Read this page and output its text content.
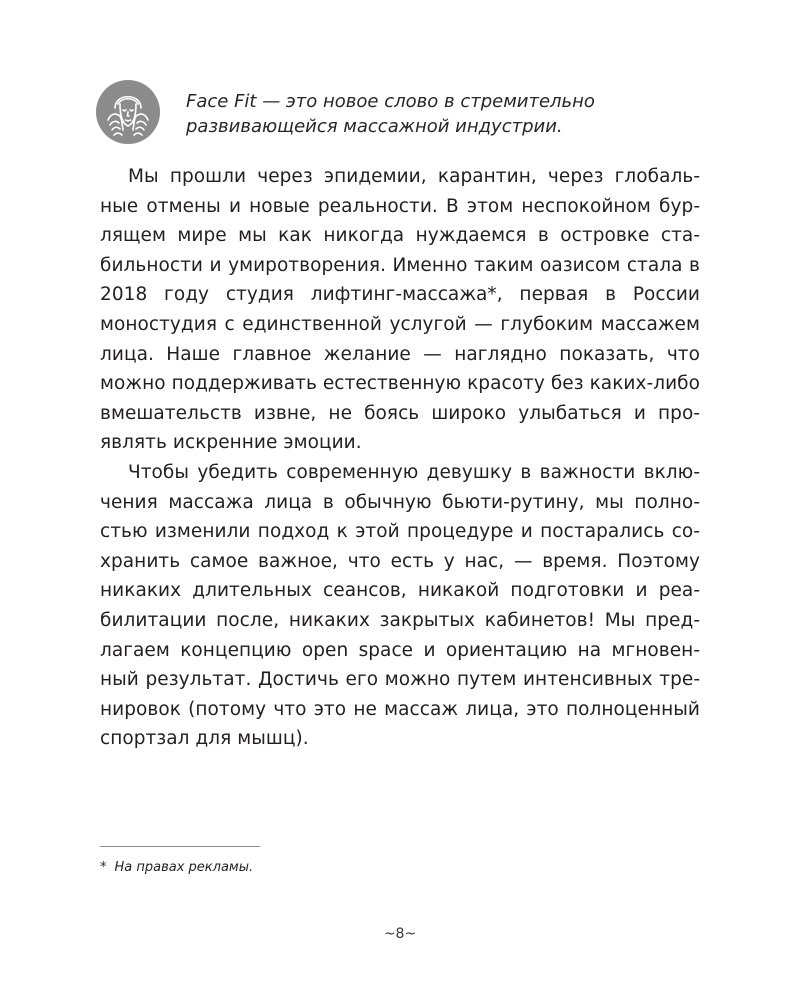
Face Fit — это новое слово в стремительно
развивающейся массажной индустрии.

Мы прошли через эпидемии, карантин, через глобальные отмены и новые реальности. В этом неспокойном бурлящем мире мы как никогда нуждаемся в островке стабильности и умиротворения. Именно таким оазисом стала в 2018 году студия лифтинг-массажа*, первая в России моностудия с единственной услугой — глубоким массажем лица. Наше главное желание — наглядно показать, что можно поддерживать естественную красоту без каких-либо вмешательств извне, не боясь широко улыбаться и проявлять искренние эмоции.

Чтобы убедить современную девушку в важности включения массажа лица в обычную бьюти-рутину, мы полностью изменили подход к этой процедуре и постарались сохранить самое важное, что есть у нас, — время. Поэтому никаких длительных сеансов, никакой подготовки и реабилитации после, никаких закрытых кабинетов! Мы предлагаем концепцию open space и ориентацию на мгновенный результат. Достичь его можно путем интенсивных тренировок (потому что это не массаж лица, это полноценный спортзал для мышц).

* На правах рекламы.
~8~
